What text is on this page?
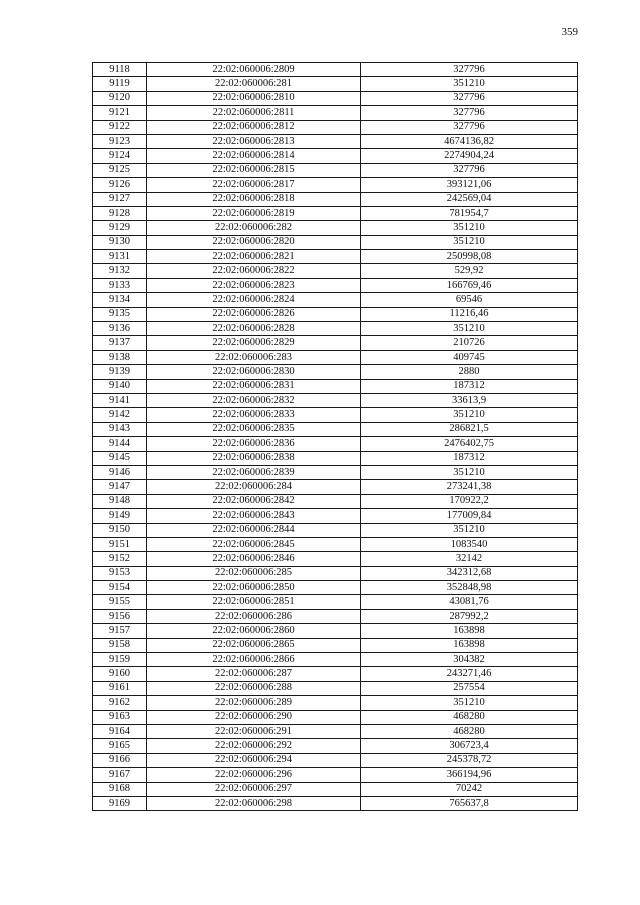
359
9118	22:02:060006:2809	327796
9119	22:02:060006:281	351210
9120	22:02:060006:2810	327796
9121	22:02:060006:2811	327796
9122	22:02:060006:2812	327796
9123	22:02:060006:2813	4674136,82
9124	22:02:060006:2814	2274904,24
9125	22:02:060006:2815	327796
9126	22:02:060006:2817	393121,06
9127	22:02:060006:2818	242569,04
9128	22:02:060006:2819	781954,7
9129	22:02:060006:282	351210
9130	22:02:060006:2820	351210
9131	22:02:060006:2821	250998,08
9132	22:02:060006:2822	529,92
9133	22:02:060006:2823	166769,46
9134	22:02:060006:2824	69546
9135	22:02:060006:2826	11216,46
9136	22:02:060006:2828	351210
9137	22:02:060006:2829	210726
9138	22:02:060006:283	409745
9139	22:02:060006:2830	2880
9140	22:02:060006:2831	187312
9141	22:02:060006:2832	33613,9
9142	22:02:060006:2833	351210
9143	22:02:060006:2835	286821,5
9144	22:02:060006:2836	2476402,75
9145	22:02:060006:2838	187312
9146	22:02:060006:2839	351210
9147	22:02:060006:284	273241,38
9148	22:02:060006:2842	170922,2
9149	22:02:060006:2843	177009,84
9150	22:02:060006:2844	351210
9151	22:02:060006:2845	1083540
9152	22:02:060006:2846	32142
9153	22:02:060006:285	342312,68
9154	22:02:060006:2850	352848,98
9155	22:02:060006:2851	43081,76
9156	22:02:060006:286	287992,2
9157	22:02:060006:2860	163898
9158	22:02:060006:2865	163898
9159	22:02:060006:2866	304382
9160	22:02:060006:287	243271,46
9161	22:02:060006:288	257554
9162	22:02:060006:289	351210
9163	22:02:060006:290	468280
9164	22:02:060006:291	468280
9165	22:02:060006:292	306723,4
9166	22:02:060006:294	245378,72
9167	22:02:060006:296	366194,96
9168	22:02:060006:297	70242
9169	22:02:060006:298	765637,8
